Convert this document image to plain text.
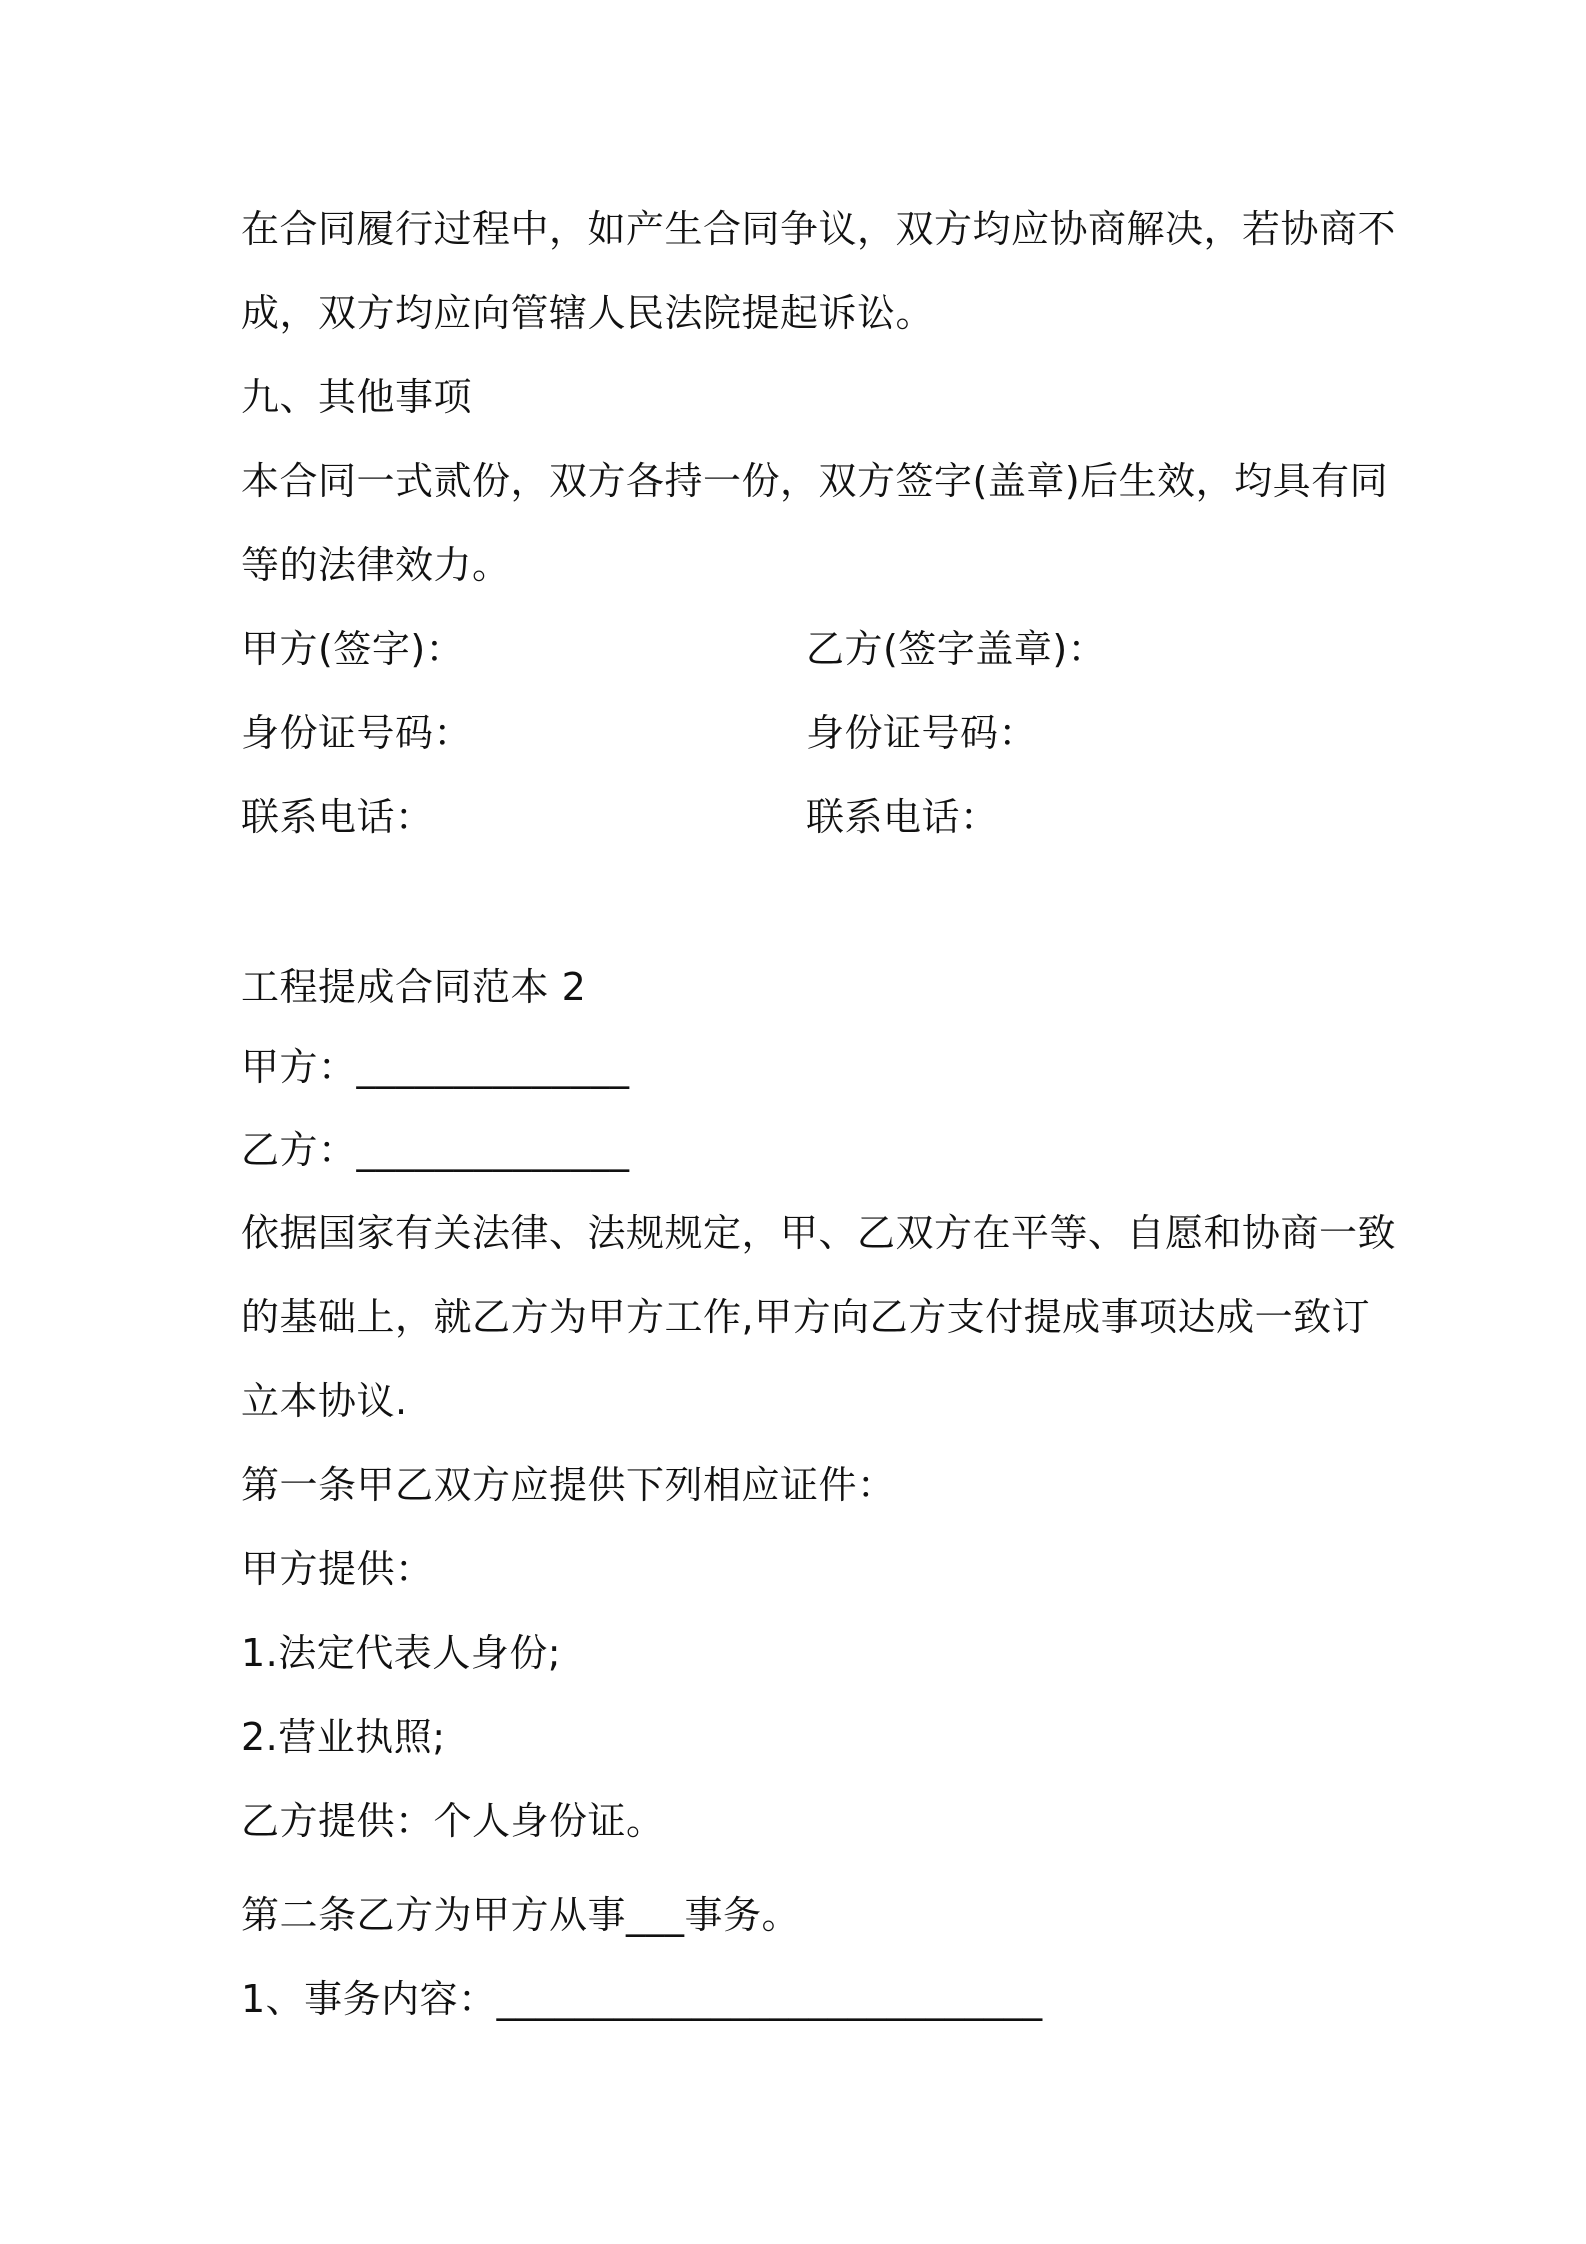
在合同履行过程中，如产生合同争议，双方均应协商解决，若协商不
成，双方均应向管辖人民法院提起诉讼。
九、其他事项
本合同一式贰份，双方各持一份，双方签字(盖章)后生效，均具有同
等的法律效力。
甲方(签字)：	乙方(签字盖章)：
身份证号码：	身份证号码：
联系电话：	联系电话：
工程提成合同范本 2
甲方：______________
乙方：______________
依据国家有关法律、法规规定，甲、乙双方在平等、自愿和协商一致
的基础上，就乙方为甲方工作,甲方向乙方支付提成事项达成一致订
立本协议.
第一条甲乙双方应提供下列相应证件：
甲方提供：
1.法定代表人身份;
2.营业执照;
乙方提供：个人身份证。
第二条乙方为甲方从事___事务。
1、事务内容：____________________________
